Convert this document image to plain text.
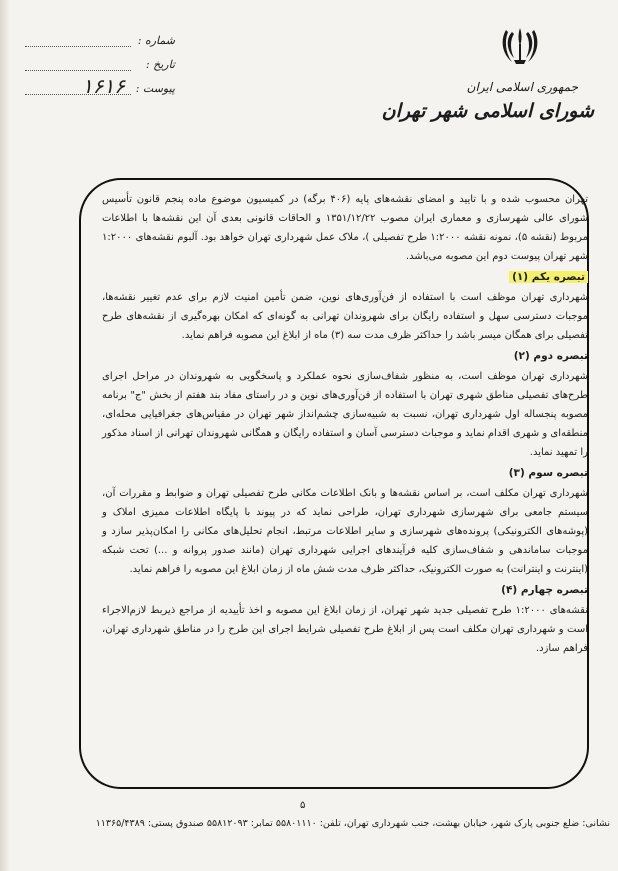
شماره :
تاریخ :
پیوست :
۱۶۱۶	جمهوری اسلامی ایران
شورای اسلامی شهر تهران

تهران محسوب شده و با تایید و امضای نقشه‌های پایه (۴۰۶ برگه) در کمیسیون موضوع ماده پنجم قانون تأسیس شورای عالی شهرسازی و معماری ایران مصوب ۱۳۵۱/۱۲/۲۲ و الحاقات قانونی بعدی آن این نقشه‌ها با اطلاعات مربوط (نقشه ۵)، نمونه نقشه ۱:۲۰۰۰ طرح تفصیلی )، ملاک عمل شهرداری تهران خواهد بود. آلبوم نقشه‌های ۱:۲۰۰۰ شهر تهران پیوست دوم این مصوبه می‌باشد.

تبصره یکم (۱)

شهرداری تهران موظف است با استفاده از فن‌آوری‌های نوین، ضمن تأمین امنیت لازم برای عدم تغییر نقشه‌ها، موجبات دسترسی سهل و استفاده رایگان برای شهروندان تهرانی به گونه‌ای که امکان بهره‌گیری از نقشه‌های طرح تفصیلی برای همگان میسر باشد را حداکثر ظرف مدت سه (۳) ماه از ابلاغ این مصوبه فراهم نماید.

تبصره دوم (۲)

شهرداری تهران موظف است، به منظور شفاف‌سازی نحوه عملکرد و پاسخگویی به شهروندان در مراحل اجرای طرح‌های تفصیلی مناطق شهری تهران با استفاده از فن‌آوری‌های نوین و در راستای مفاد بند هفتم از بخش "ج" برنامه مصوبه پنجساله اول شهرداری تهران، نسبت به شبیه‌سازی چشم‌انداز شهر تهران در مقیاس‌های جغرافیایی محله‌ای، منطقه‌ای و شهری اقدام نماید و موجبات دسترسی آسان و استفاده رایگان و همگانی شهروندان تهرانی از اسناد مذکور را تمهید نماید.

تبصره سوم (۳)

شهرداری تهران مکلف است، بر اساس نقشه‌ها و بانک اطلاعات مکانی طرح تفصیلی تهران و ضوابط و مقررات آن، سیستم جامعی برای شهرسازی شهرداری تهران، طراحی نماید که در پیوند با پایگاه اطلاعات ممیزی املاک و (پوشه‌های الکترونیکی) پرونده‌های شهرسازی و سایر اطلاعات مرتبط، انجام تحلیل‌های مکانی را امکان‌پذیر سازد و موجبات ساماندهی و شفاف‌سازی کلیه فرآیندهای اجرایی شهرداری تهران (مانند صدور پروانه و ...) تحت شبکه (اینترنت و اینترانت) به صورت الکترونیک، حداکثر ظرف مدت شش ماه از زمان ابلاغ این مصوبه را فراهم نماید.

تبصره چهارم (۴)

نقشه‌های ۱:۲۰۰۰ طرح تفصیلی جدید شهر تهران، از زمان ابلاغ این مصوبه و اخذ تأییدیه از مراجع ذیربط لازم‌الاجراء است و شهرداری تهران مکلف است پس از ابلاغ طرح تفصیلی شرایط اجرای این طرح را در مناطق شهرداری تهران، فراهم سازد.

۵
نشانی: ضلع جنوبی پارک شهر، خیابان بهشت، جنب شهرداری تهران، تلفن: ۵۵۸۰۱۱۱۰ تمابر: ۵۵۸۱۲۰۹۳ صندوق پستی: ۱۱۳۶۵/۴۳۸۹
